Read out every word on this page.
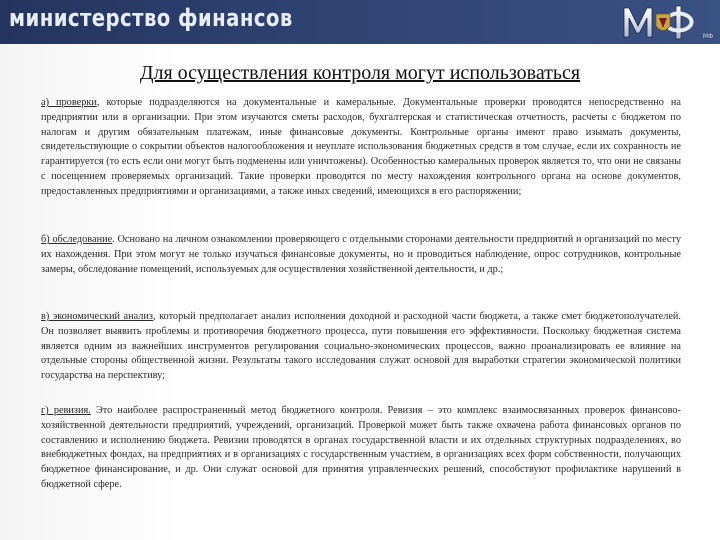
министерство финансов
МФ
Для осуществления контроля могут использоваться

а) проверки, которые подразделяются на документальные и камеральные. Документальные проверки проводятся непосредственно на предприятии или в организации. При этом изучаются сметы расходов, бухгалтерская и статистическая отчетность, расчеты с бюджетом по налогам и другим обязательным платежам, иные финансовые документы. Контрольные органы имеют право изымать документы, свидетельствующие о сокрытии объектов налогообложения и неуплате использования бюджетных средств в том случае, если их сохранность не гарантируется (то есть если они могут быть подменены или уничтожены). Особенностью камеральных проверок является то, что они не связаны с посещением проверяемых организаций. Такие проверки проводятся по месту нахождения контрольного органа на основе документов, предоставленных предприятиями и организациями, а также иных сведений, имеющихся в его распоряжении;

б) обследование. Основано на личном ознакомлении проверяющего с отдельными сторонами деятельности предприятий и организаций по месту их нахождения. При этом могут не только изучаться финансовые документы, но и проводиться наблюдение, опрос сотрудников, контрольные замеры, обследование помещений, используемых для осуществления хозяйственной деятельности, и др.;

в) экономический анализ, который предполагает анализ исполнения доходной и расходной части бюджета, а также смет бюджетополучателей. Он позволяет выявить проблемы и противоречия бюджетного процесса, пути повышения его эффективности. Поскольку бюджетная система является одним из важнейших инструментов регулирования социально-экономических процессов, важно проанализировать ее влияние на отдельные стороны общественной жизни. Результаты такого исследования служат основой для выработки стратегии экономической политики государства на перспективу;

г) ревизия. Это наиболее распространенный метод бюджетного контроля. Ревизия – это комплекс взаимосвязанных проверок финансово-хозяйственной деятельности предприятий, учреждений, организаций. Проверкой может быть также охвачена работа финансовых органов по составлению и исполнению бюджета. Ревизии проводятся в органах государственной власти и их отдельных структурных подразделениях, во внебюджетных фондах, на предприятиях и в организациях с государственным участием, в организациях всех форм собственности, получающих бюджетное финансирование, и др. Они служат основой для принятия управленческих решений, способствуют профилактике нарушений в бюджетной сфере.
